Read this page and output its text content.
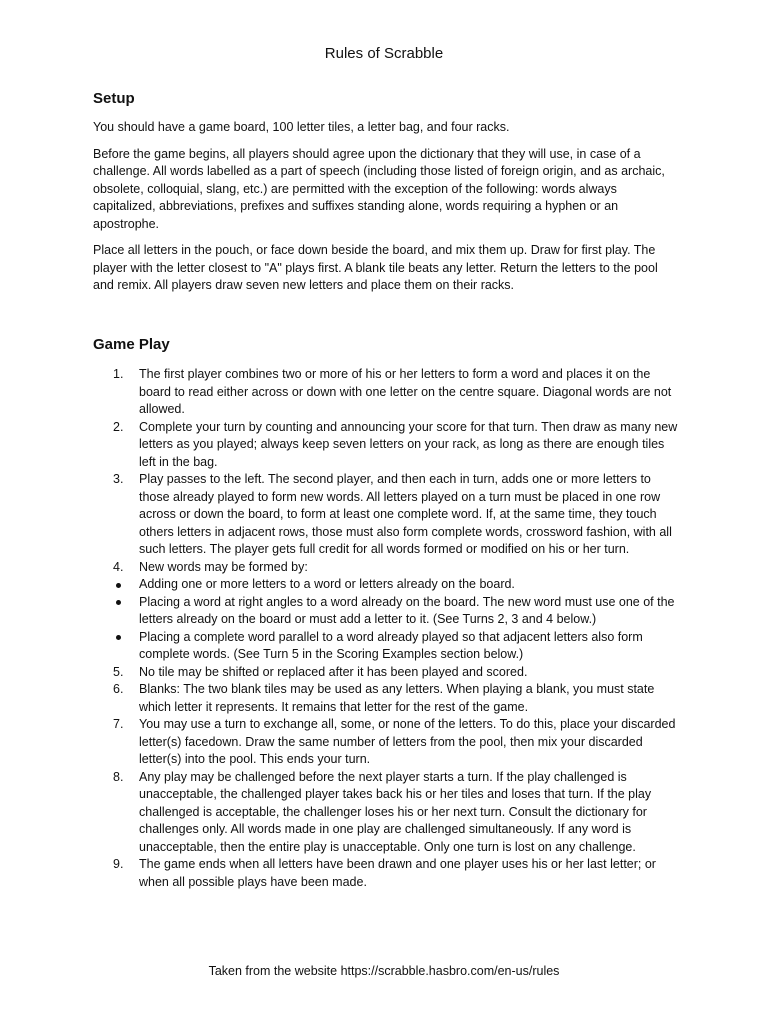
Rules of Scrabble
Setup

You should have a game board, 100 letter tiles, a letter bag, and four racks.

Before the game begins, all players should agree upon the dictionary that they will use, in case of a challenge. All words labelled as a part of speech (including those listed of foreign origin, and as archaic, obsolete, colloquial, slang, etc.) are permitted with the exception of the following: words always capitalized, abbreviations, prefixes and suffixes standing alone, words requiring a hyphen or an apostrophe.

Place all letters in the pouch, or face down beside the board, and mix them up. Draw for first play. The player with the letter closest to "A" plays first. A blank tile beats any letter. Return the letters to the pool and remix. All players draw seven new letters and place them on their racks.

Game Play
1.	The first player combines two or more of his or her letters to form a word and places it on the board to read either across or down with one letter on the centre square. Diagonal words are not allowed.
2.	Complete your turn by counting and announcing your score for that turn. Then draw as many new letters as you played; always keep seven letters on your rack, as long as there are enough tiles left in the bag.
3.	Play passes to the left. The second player, and then each in turn, adds one or more letters to those already played to form new words. All letters played on a turn must be placed in one row across or down the board, to form at least one complete word. If, at the same time, they touch others letters in adjacent rows, those must also form complete words, crossword fashion, with all such letters. The player gets full credit for all words formed or modified on his or her turn.
4.	New words may be formed by:
Adding one or more letters to a word or letters already on the board.
Placing a word at right angles to a word already on the board. The new word must use one of the letters already on the board or must add a letter to it. (See Turns 2, 3 and 4 below.)
Placing a complete word parallel to a word already played so that adjacent letters also form complete words. (See Turn 5 in the Scoring Examples section below.)
5.	No tile may be shifted or replaced after it has been played and scored.
6.	Blanks: The two blank tiles may be used as any letters. When playing a blank, you must state which letter it represents. It remains that letter for the rest of the game.
7.	You may use a turn to exchange all, some, or none of the letters. To do this, place your discarded letter(s) facedown. Draw the same number of letters from the pool, then mix your discarded letter(s) into the pool. This ends your turn.
8.	Any play may be challenged before the next player starts a turn. If the play challenged is unacceptable, the challenged player takes back his or her tiles and loses that turn. If the play challenged is acceptable, the challenger loses his or her next turn. Consult the dictionary for challenges only. All words made in one play are challenged simultaneously. If any word is unacceptable, then the entire play is unacceptable. Only one turn is lost on any challenge.
9.	The game ends when all letters have been drawn and one player uses his or her last letter; or when all possible plays have been made.
Taken from the website https://scrabble.hasbro.com/en-us/rules
